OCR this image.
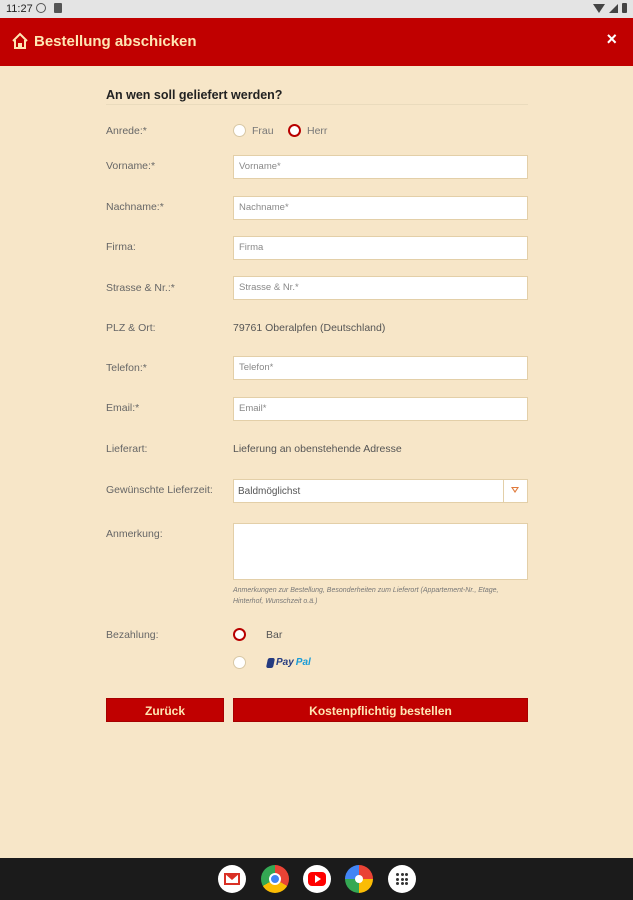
11:27
Bestellung abschicken	×
An wen soll geliefert werden?
Anrede:*	Frau	Herr
Vorname:*	Vorname*
Nachname:*	Nachname*
Firma:	Firma
Strasse & Nr.:*	Strasse & Nr.*
PLZ & Ort:	79761 Oberalpfen (Deutschland)
Telefon:*	Telefon*
Email:*	Email*
Lieferart:	Lieferung an obenstehende Adresse
Gewünschte Lieferzeit:	Baldmöglichst
Anmerkung:
Anmerkungen zur Bestellung, Besonderheiten zum Lieferort (Appartement-Nr., Etage, Hinterhof, Wunschzeit o.ä.)
Bezahlung:	Bar
Pay Pal
Zurück	Kostenpflichtig bestellen
